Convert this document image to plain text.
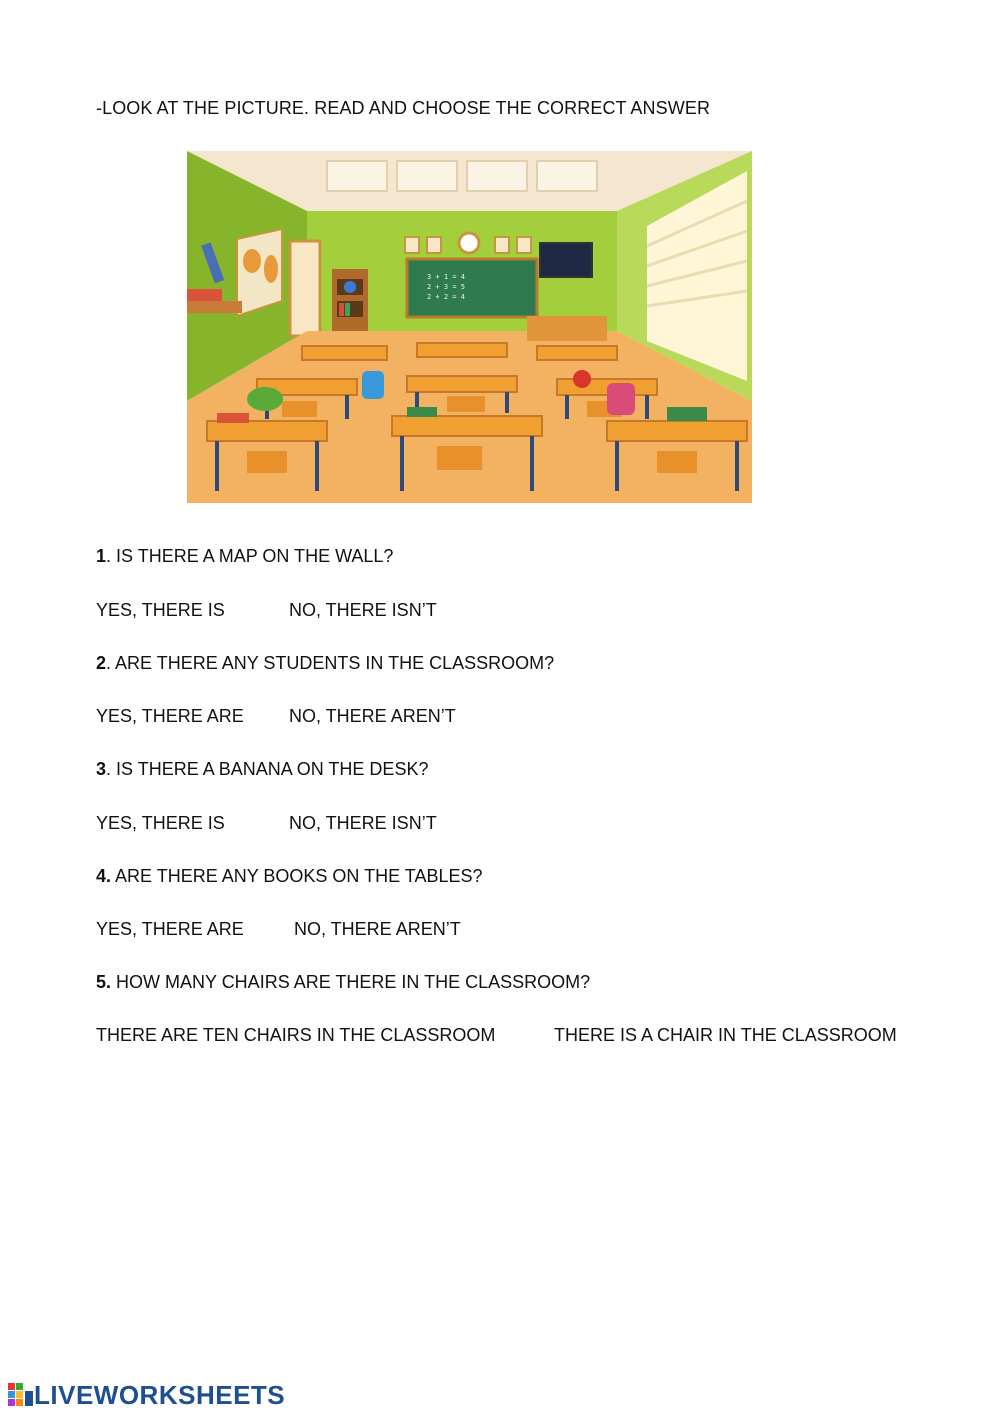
-LOOK AT THE PICTURE. READ AND CHOOSE THE CORRECT ANSWER
3 + 1 = 4
2 + 3 = 5
2 + 2 = 4
1. IS THERE A MAP ON THE WALL?
YES, THERE IS	NO, THERE ISN’T
2. ARE THERE ANY STUDENTS IN THE CLASSROOM?
YES, THERE ARE	NO, THERE AREN’T
3. IS THERE A BANANA ON THE DESK?
YES, THERE IS	NO, THERE ISN’T
4. ARE THERE ANY BOOKS ON THE TABLES?
YES, THERE ARE	NO, THERE AREN’T
5. HOW MANY CHAIRS ARE THERE IN THE CLASSROOM?
THERE ARE TEN CHAIRS IN THE CLASSROOM	THERE IS A CHAIR IN THE CLASSROOM
LIVEWORKSHEETS
